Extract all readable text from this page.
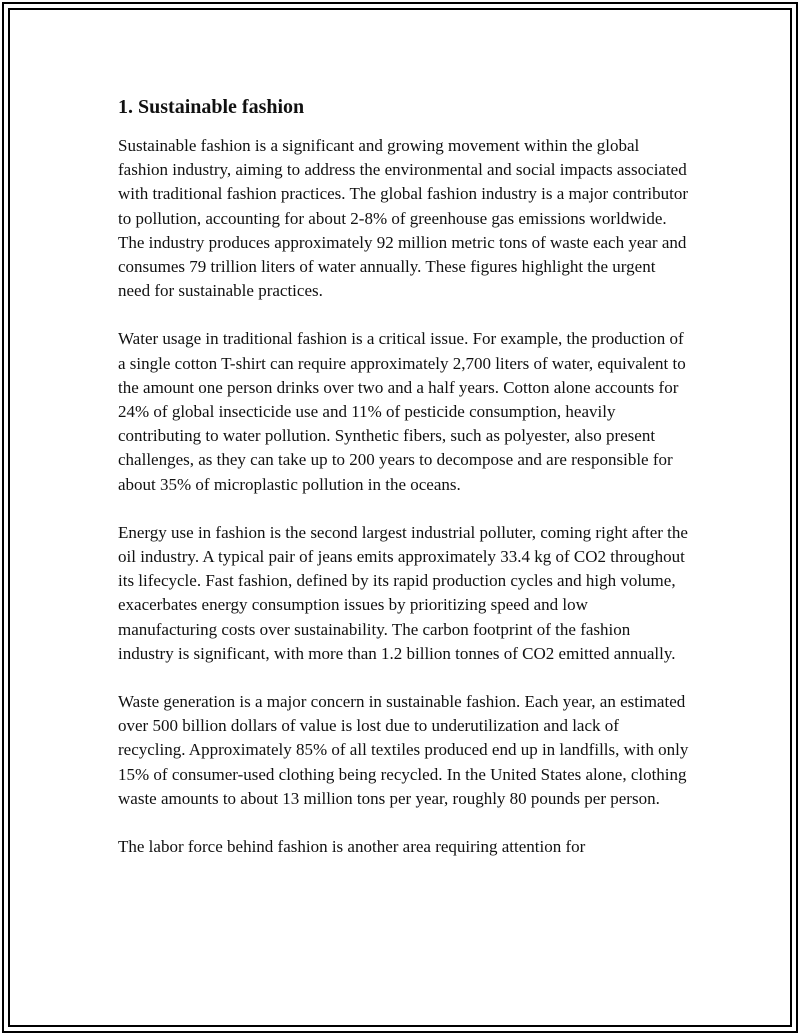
1. Sustainable fashion

Sustainable fashion is a significant and growing movement within the global fashion industry, aiming to address the environmental and social impacts associated with traditional fashion practices. The global fashion industry is a major contributor to pollution, accounting for about 2-8% of greenhouse gas emissions worldwide. The industry produces approximately 92 million metric tons of waste each year and consumes 79 trillion liters of water annually. These figures highlight the urgent need for sustainable practices.

Water usage in traditional fashion is a critical issue. For example, the production of a single cotton T-shirt can require approximately 2,700 liters of water, equivalent to the amount one person drinks over two and a half years. Cotton alone accounts for 24% of global insecticide use and 11% of pesticide consumption, heavily contributing to water pollution. Synthetic fibers, such as polyester, also present challenges, as they can take up to 200 years to decompose and are responsible for about 35% of microplastic pollution in the oceans.

Energy use in fashion is the second largest industrial polluter, coming right after the oil industry. A typical pair of jeans emits approximately 33.4 kg of CO2 throughout its lifecycle. Fast fashion, defined by its rapid production cycles and high volume, exacerbates energy consumption issues by prioritizing speed and low manufacturing costs over sustainability. The carbon footprint of the fashion industry is significant, with more than 1.2 billion tonnes of CO2 emitted annually.

Waste generation is a major concern in sustainable fashion. Each year, an estimated over 500 billion dollars of value is lost due to underutilization and lack of recycling. Approximately 85% of all textiles produced end up in landfills, with only 15% of consumer-used clothing being recycled. In the United States alone, clothing waste amounts to about 13 million tons per year, roughly 80 pounds per person.

The labor force behind fashion is another area requiring attention for
